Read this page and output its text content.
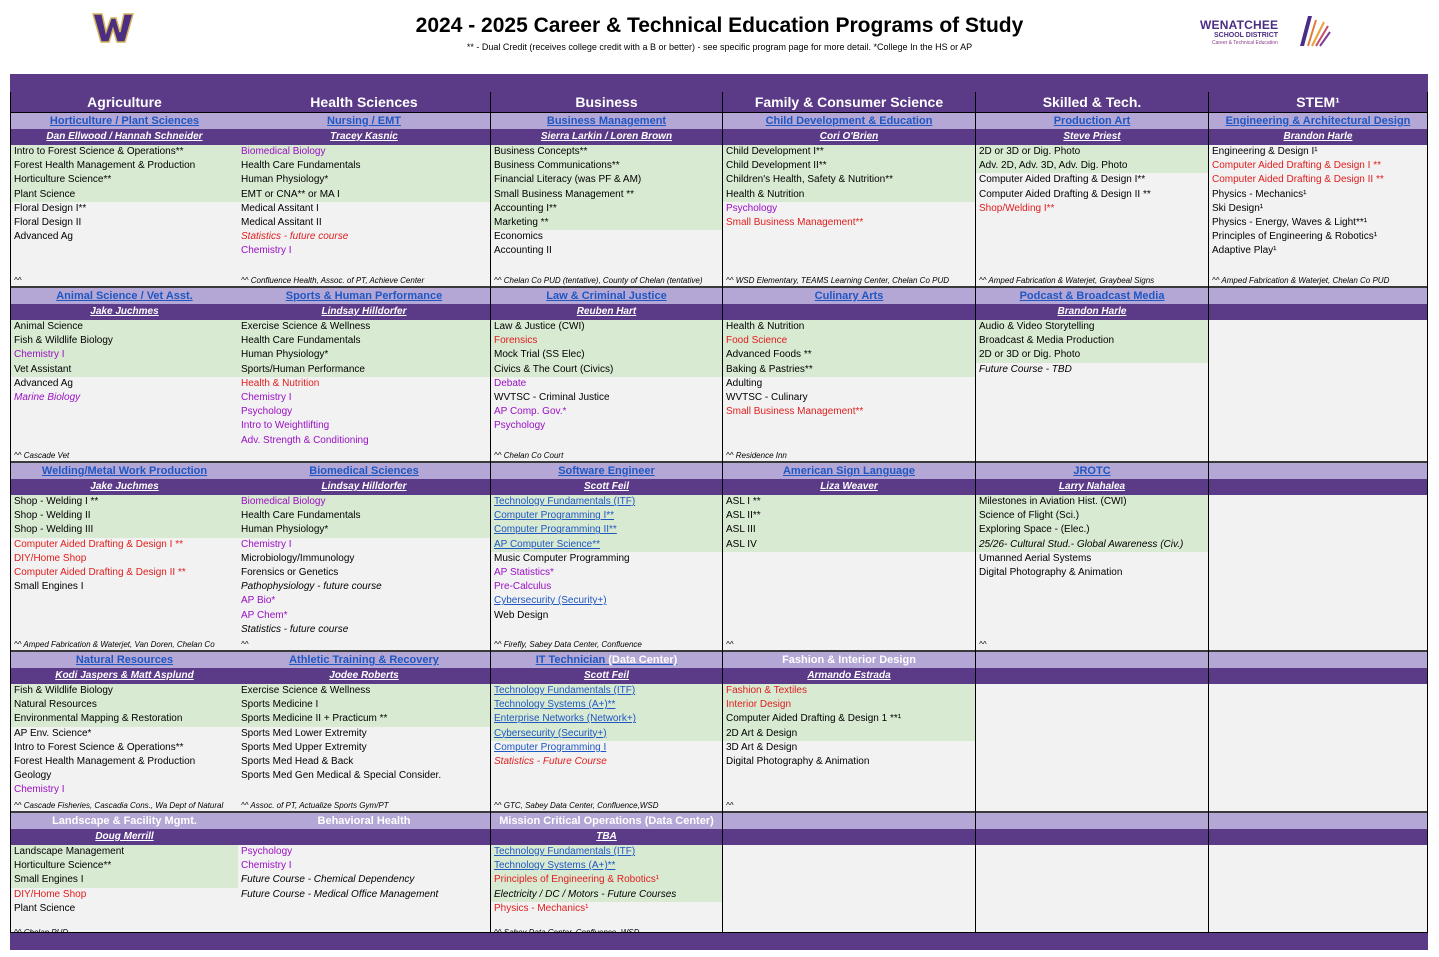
2024 - 2025 Career & Technical Education Programs of Study
** - Dual Credit (receives college credit with a B or better) - see specific program page for more detail. *College In the HS or AP
WENATCHEE
SCHOOL DISTRICT
Career & Technical Education
Agriculture
Horticulture / Plant Sciences
Dan Ellwood / Hannah Schneider
Intro to Forest Science & Operations**
Forest Health Management & Production
Horticulture Science**
Plant Science
Floral Design I**
Floral Design II
Advanced Ag
^^
Animal Science / Vet Asst.
Jake Juchmes
Animal Science
Fish & Wildlife Biology
Chemistry I
Vet Assistant
Advanced Ag
Marine Biology
^^ Cascade Vet
Welding/Metal Work Production
Jake Juchmes
Shop - Welding I **
Shop - Welding II
Shop - Welding III
Computer Aided Drafting & Design I **
DIY/Home Shop
Computer Aided Drafting & Design II **
Small Engines I
^^ Amped Fabrication & Waterjet, Van Doren, Chelan Co
Natural Resources
Kodi Jaspers & Matt Asplund
Fish & Wildlife Biology
Natural Resources
Environmental Mapping & Restoration
AP Env. Science*
Intro to Forest Science & Operations**
Forest Health Management & Production
Geology
Chemistry I
^^ Cascade Fisheries, Cascadia Cons., Wa Dept of Natural
Landscape & Facility Mgmt.
Doug Merrill
Landscape Management
Horticulture Science**
Small Engines I
DIY/Home Shop
Plant Science
Health Sciences
Nursing / EMT
Tracey Kasnic
Biomedical Biology
Health Care Fundamentals
Human Physiology*
EMT or CNA** or MA I
Medical Assitant I
Medical Assitant II
Statistics - future course
Chemistry I
^^ Confluence Health, Assoc. of PT, Achieve Center
Sports & Human Performance
Lindsay Hilldorfer
Exercise Science & Wellness
Health Care Fundamentals
Human Physiology*
Sports/Human Performance
Health & Nutrition
Chemistry I
Psychology
Intro to Weightlifting
Adv. Strength & Conditioning
Biomedical Sciences
Lindsay Hilldorfer
Biomedical Biology
Health Care Fundamentals
Human Physiology*
Chemistry I
Microbiology/Immunology
Forensics or Genetics
Pathophysiology - future course
AP Bio*
AP Chem*
Statistics - future course
^^
Athletic Training & Recovery
Jodee Roberts
Exercise Science & Wellness
Sports Medicine I
Sports Medicine II + Practicum **
Sports Med Lower Extremity
Sports Med Upper Extremity
Sports Med Head & Back
Sports Med Gen Medical & Special Consider.
^^ Assoc. of PT, Actualize Sports Gym/PT
Behavioral Health
Psychology
Chemistry I
Future Course - Chemical Dependency
Future Course - Medical Office Management
Business
Business Management
Sierra Larkin / Loren Brown
Business Concepts**
Business Communications**
Financial Literacy (was PF & AM)
Small Business Management **
Accounting I**
Marketing **
Economics
Accounting II
^^ Chelan Co PUD (tentative), County of Chelan (tentative)
Law & Criminal Justice
Reuben Hart
Law & Justice (CWI)
Forensics
Mock Trial (SS Elec)
Civics & The Court (Civics)
Debate
WVTSC - Criminal Justice
AP Comp. Gov.*
Psychology
^^ Chelan Co Court
Software Engineer
Scott Feil
Technology Fundamentals (ITF)
Computer Programming I**
Computer Programming II**
AP Computer Science**
Music Computer Programming
AP Statistics*
Pre-Calculus
Cybersecurity (Security+)
Web Design
^^ Firefly, Sabey Data Center, Confluence
IT Technician (Data Center)
Scott Feil
Technology Fundamentals (ITF)
Technology Systems (A+)**
Enterprise Networks (Network+)
Cybersecurity (Security+)
Computer Programming I
Statistics - Future Course
^^ GTC, Sabey Data Center, Confluence,WSD
Mission Critical Operations (Data Center)
TBA
Technology Fundamentals (ITF)
Technology Systems (A+)**
Principles of Engineering & Robotics¹
Electricity / DC / Motors - Future Courses
Physics - Mechanics¹
Family & Consumer Science
Child Development & Education
Cori O'Brien
Child Development I**
Child Development II**
Children's Health, Safety & Nutrition**
Health & Nutrition
Psychology
Small Business Management**
^^ WSD Elementary, TEAMS Learning Center, Chelan Co PUD
Culinary Arts
Health & Nutrition
Food Science
Advanced Foods **
Baking & Pastries**
Adulting
WVTSC - Culinary
Small Business Management**
^^ Residence Inn
American Sign Language
Liza Weaver
ASL I **
ASL II**
ASL III
ASL IV
^^
Fashion & Interior Design
Armando Estrada
Fashion & Textiles
Interior Design
Computer Aided Drafting & Design 1 **¹
2D Art & Design
3D Art & Design
Digital Photography & Animation
^^
Skilled & Tech.
Production Art
Steve Priest
2D or 3D or Dig. Photo
Adv. 2D, Adv. 3D, Adv. Dig. Photo
Computer Aided Drafting & Design I**
Computer Aided Drafting & Design II **
Shop/Welding I**
^^ Amped Fabrication & Waterjet, Graybeal Signs
Podcast & Broadcast Media
Brandon Harle
Audio & Video Storytelling
Broadcast & Media Production
2D or 3D or Dig. Photo
Future Course - TBD
JROTC
Larry Nahalea
Milestones in Aviation Hist. (CWI)
Science of Flight (Sci.)
Exploring Space - (Elec.)
25/26- Cultural Stud.- Global Awareness (Civ.)
Umanned Aerial Systems
Digital Photography & Animation
^^
STEM¹
Engineering & Architectural Design
Brandon Harle
Engineering & Design I¹
Computer Aided Drafting & Design I **
Computer Aided Drafting & Design II **
Physics - Mechanics¹
Ski Design¹
Physics - Energy, Waves & Light**¹
Principles of Engineering & Robotics¹
Adaptive Play¹
^^ Amped Fabrication & Waterjet, Chelan Co PUD
